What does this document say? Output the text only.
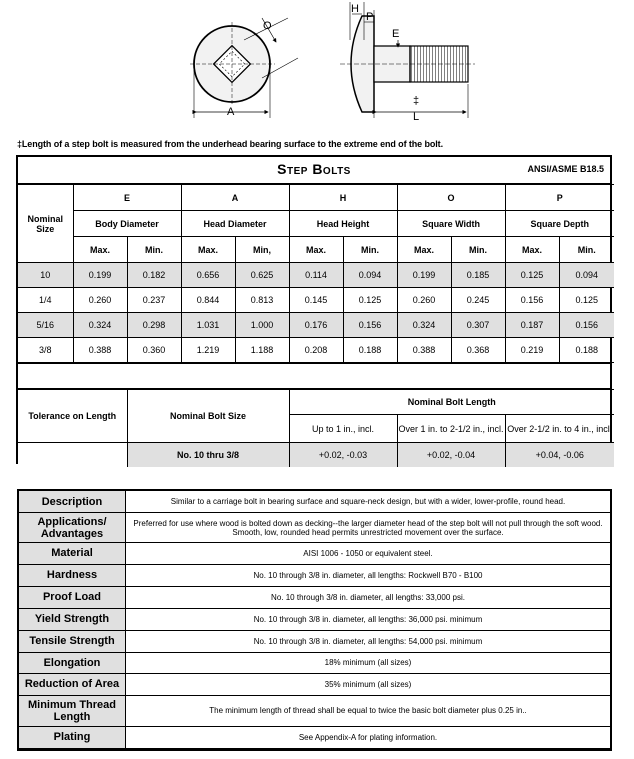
O
A
H
P
E
‡
L
‡Length of a step bolt is measured from the underhead bearing surface to the extreme end of the bolt.
Step Bolts	ANSI/ASME B18.5
Nominal Size	E		A		H		O		P	
	Body Diameter		Head Diameter		Head Height		Square Width		Square Depth	
	Max.	Min.	Max.	Min,	Max.	Min.	Max.	Min.	Max.	Min.
10	0.199	0.182	0.656	0.625	0.114	0.094	0.199	0.185	0.125	0.094
1/4	0.260	0.237	0.844	0.813	0.145	0.125	0.260	0.245	0.156	0.125
5/16	0.324	0.298	1.031	1.000	0.176	0.156	0.324	0.307	0.187	0.156
3/8	0.388	0.360	1.219	1.188	0.208	0.188	0.388	0.368	0.219	0.188
Tolerance on Length	Nominal Bolt Size	Nominal Bolt Length		
		Up to 1 in., incl.	Over 1 in. to 2-1/2 in., incl.	Over 2-1/2 in. to 4 in., incl.
	No. 10 thru 3/8	+0.02, -0.03	+0.02, -0.04	+0.04, -0.06
Description	Similar to a carriage bolt in bearing surface and square-neck design, but with a wider, lower-profile, round head.
Applications/ Advantages	Preferred for use where wood is bolted down as decking--the larger diameter head of the step bolt will not pull through the soft wood. Smooth, low, rounded head permits unrestricted movement over the surface.
Material	AISI 1006 - 1050 or equivalent steel.
Hardness	No. 10 through 3/8 in. diameter, all lengths: Rockwell B70 - B100
Proof Load	No. 10 through 3/8 in. diameter, all lengths: 33,000 psi.
Yield Strength	No. 10 through 3/8 in. diameter, all lengths: 36,000 psi. minimum
Tensile Strength	No. 10 through 3/8 in. diameter, all lengths: 54,000 psi. minimum
Elongation	18% minimum (all sizes)
Reduction of Area	35% minimum (all sizes)
Minimum Thread Length	The minimum length of thread shall be equal to twice the basic bolt diameter plus 0.25 in..
Plating	See Appendix-A for plating information.
